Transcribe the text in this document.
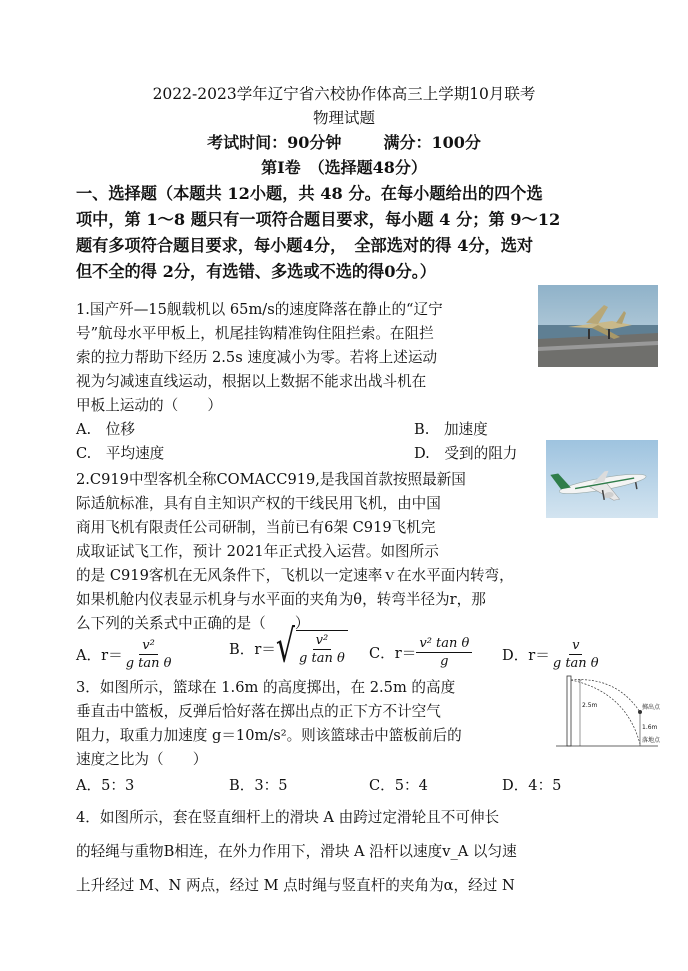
2022-2023学年辽宁省六校协作体高三上学期10月联考
物理试题
考试时间：90分钟	满分：100分
第Ⅰ卷　（选择题48分）
一、选择题（本题共 12小题，共 48 分。在每小题给出的四个选
项中，第 1～8 题只有一项符合题目要求，每小题 4 分；第 9～12
题有多项符合题目要求，每小题4分，　全部选对的得 4分，选对
但不全的得 2分，有选错、多选或不选的得0分。）
1.国产歼—15舰载机以 65m/s的速度降落在静止的“辽宁
号”航母水平甲板上，机尾挂钩精准钩住阻拦索。在阻拦
索的拉力帮助下经历 2.5s 速度减小为零。若将上述运动
视为匀减速直线运动，根据以上数据不能求出战斗机在
甲板上运动的（　　）
A.　位移	B.　加速度
C.　平均速度	D.　受到的阻力
2.C919中型客机全称COMACC919,是我国首款按照最新国
际适航标准，具有自主知识产权的干线民用飞机，由中国
商用飞机有限责任公司研制，当前已有6架 C919飞机完
成取证试飞工作，预计 2021年正式投入运营。如图所示
的是 C919客机在无风条件下，飞机以一定速率ｖ在水平面内转弯，
如果机舱内仪表显示机身与水平面的夹角为θ，转弯半径为r，那
么下列的关系式中正确的是（　　）
A．$r= \frac{\text{v²}}{\text{g tan θ}}$	B．r＝ √ $\frac{\text{v²}}{\text{g tan θ}}$ C．$r= \frac{\text{v² tan θ}}{g}$ D．$r= \frac{v}{\text{g tan θ}}$
3．如图所示，篮球在 1.6m 的高度掷出，在 2.5m 的高度
垂直击中篮板，反弹后恰好落在掷出点的正下方不计空气
阻力，取重力加速度 g＝10m/s²。则该篮球击中篮板前后的
速度之比为（　　）
A．5：3	B．3：5	C．5：4	D．4：5
2.5m
1.6m
掷出点
落地点
4．如图所示，套在竖直细杆上的滑块 A 由跨过定滑轮且不可伸长
的轻绳与重物B相连，在外力作用下，滑块 A 沿杆以速度v_A 以匀速
上升经过 M、N 两点，经过 M 点时绳与竖直杆的夹角为α，经过 N
